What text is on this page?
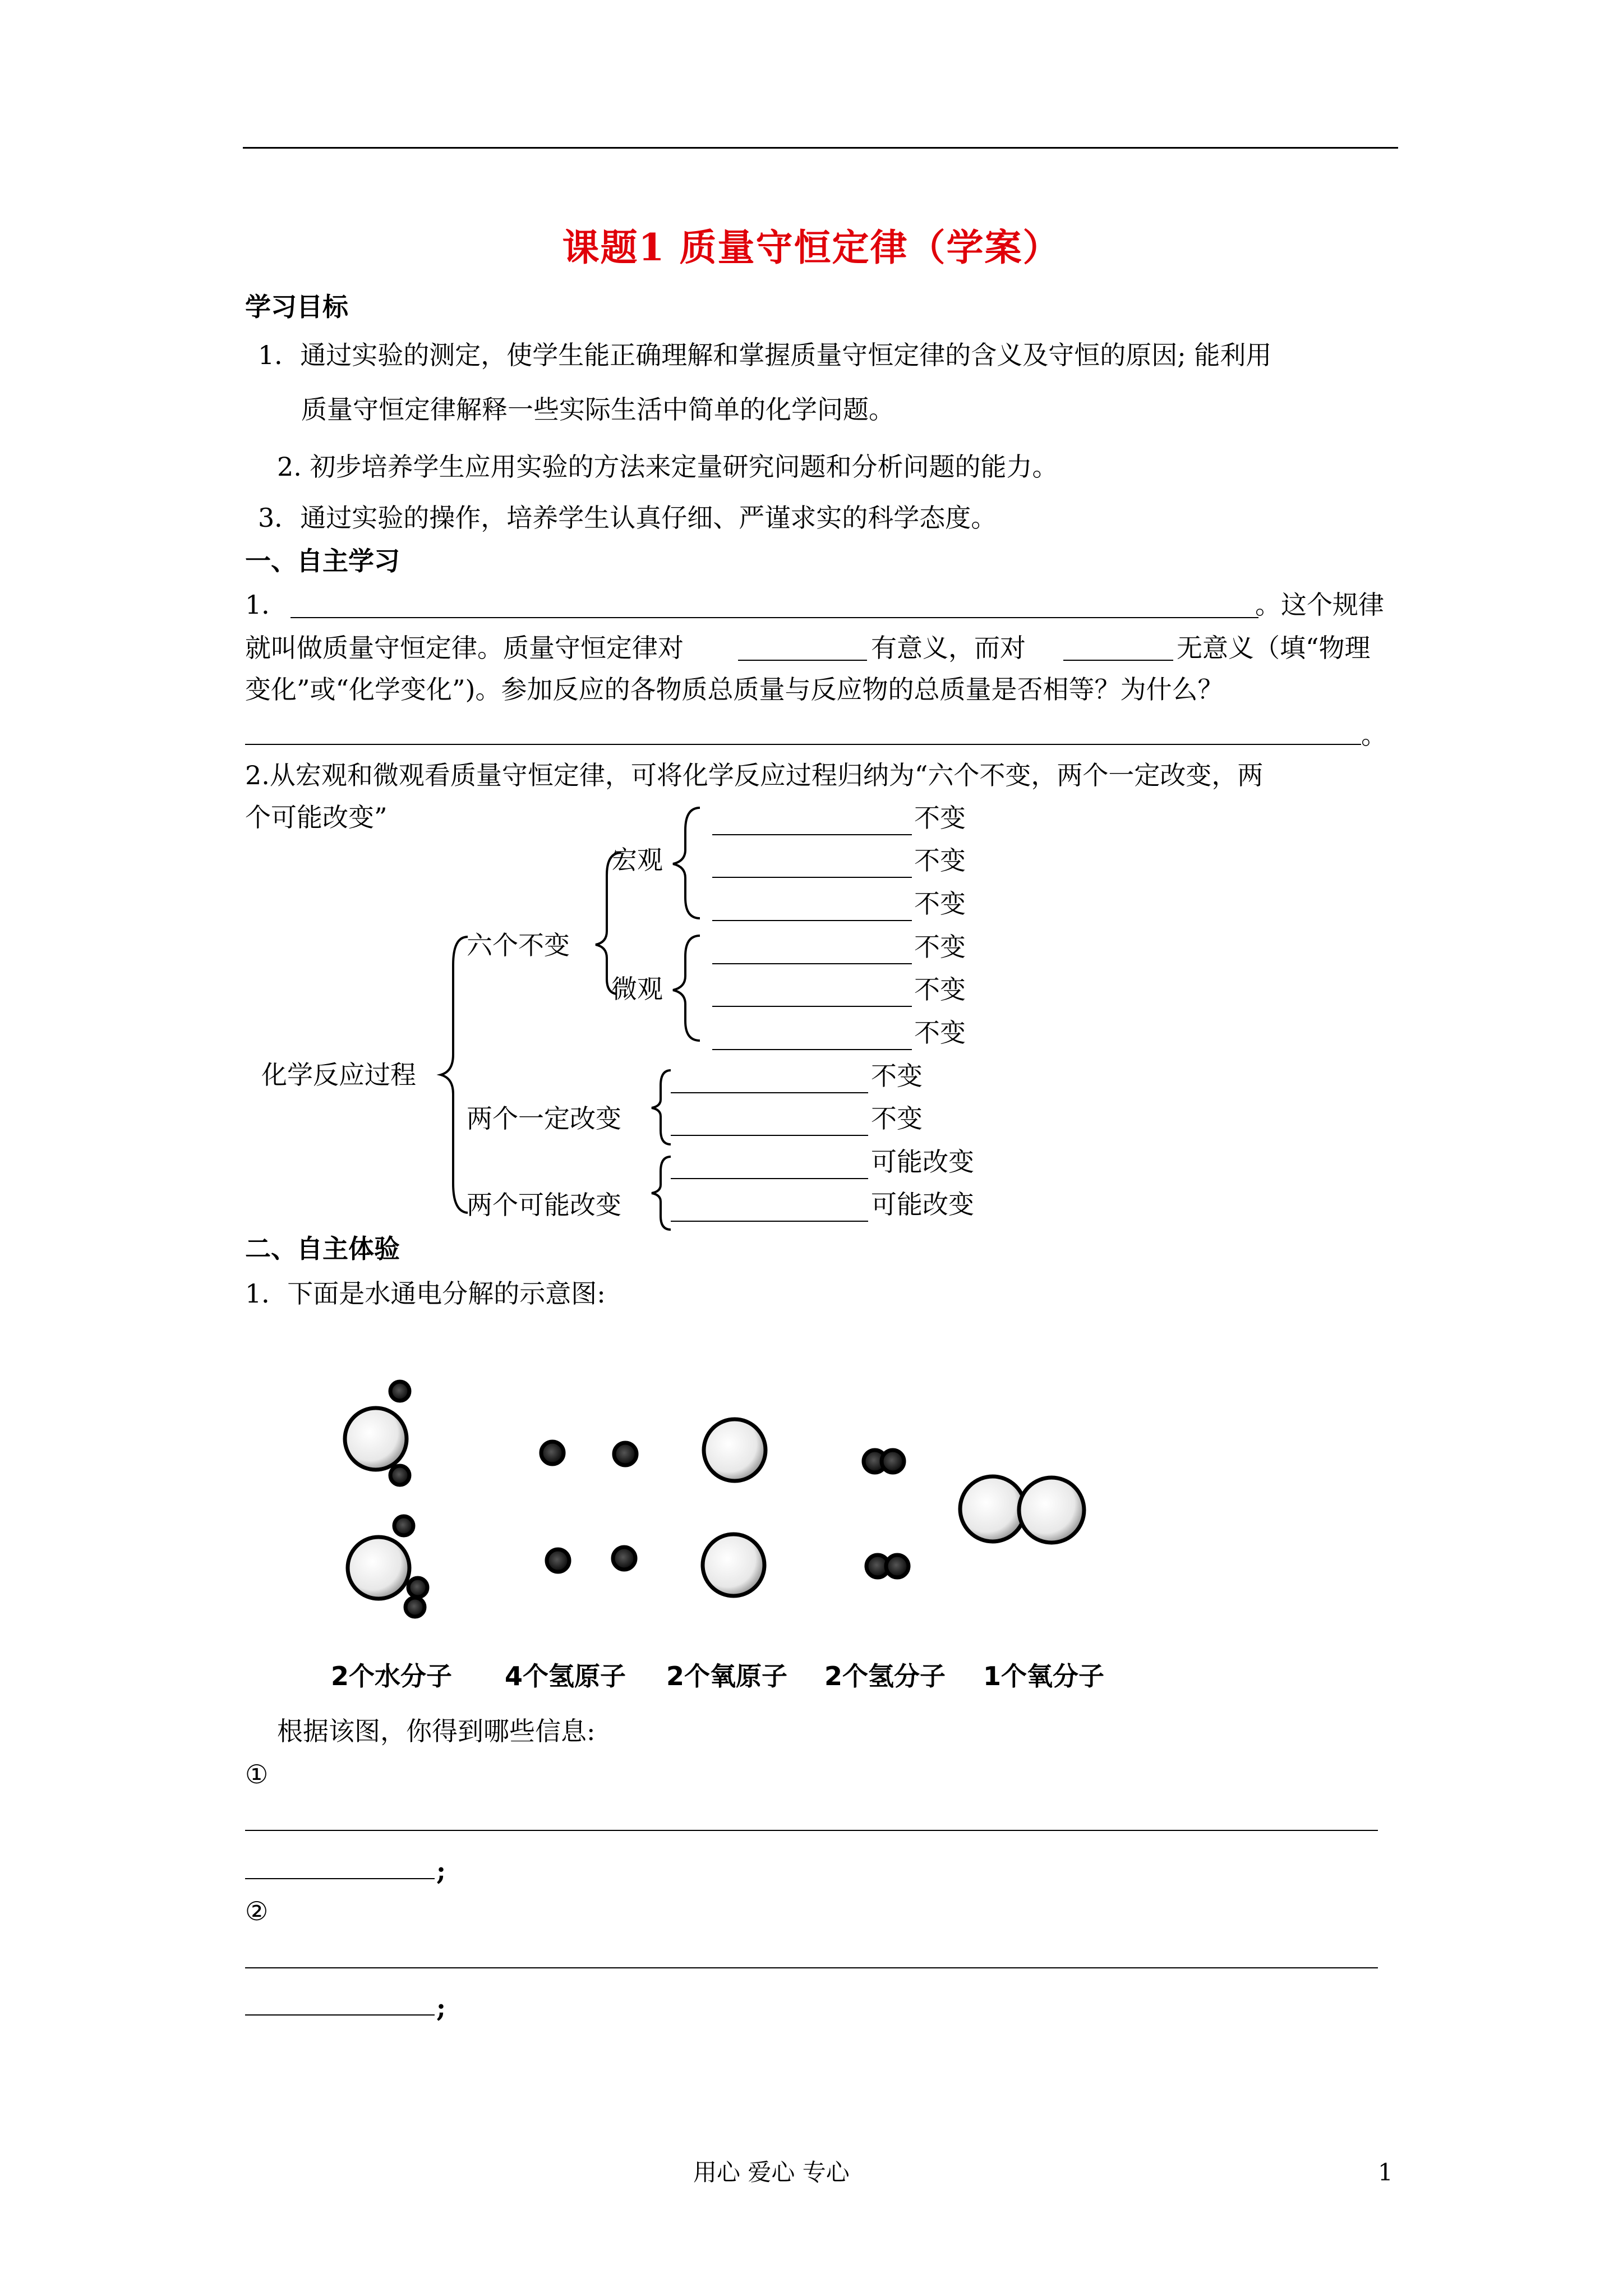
课题1 质量守恒定律（学案）
学习目标
1．通过实验的测定，使学生能正确理解和掌握质量守恒定律的含义及守恒的原因; 能利用
质量守恒定律解释一些实际生活中简单的化学问题。
2. 初步培养学生应用实验的方法来定量研究问题和分析问题的能力。
3．通过实验的操作，培养学生认真仔细、严谨求实的科学态度。
一、自主学习
1．	。这个规律
就叫做质量守恒定律。质量守恒定律对	有意义，而对	无意义（填“物理
变化”或“化学变化”)。参加反应的各物质总质量与反应物的总质量是否相等？为什么？
。
2.从宏观和微观看质量守恒定律，可将化学反应过程归纳为“六个不变，两个一定改变，两
个可能改变”
化学反应过程
六个不变
宏观
微观
两个一定改变
两个可能改变
不变
不变
不变
不变
不变
不变
不变
不变
可能改变
可能改变
二、自主体验
1．下面是水通电分解的示意图:
2个水分子 4个氢原子 2个氧原子 2个氢分子 1个氧分子
根据该图，你得到哪些信息:
①
;
②
;
用心 爱心 专心	1
